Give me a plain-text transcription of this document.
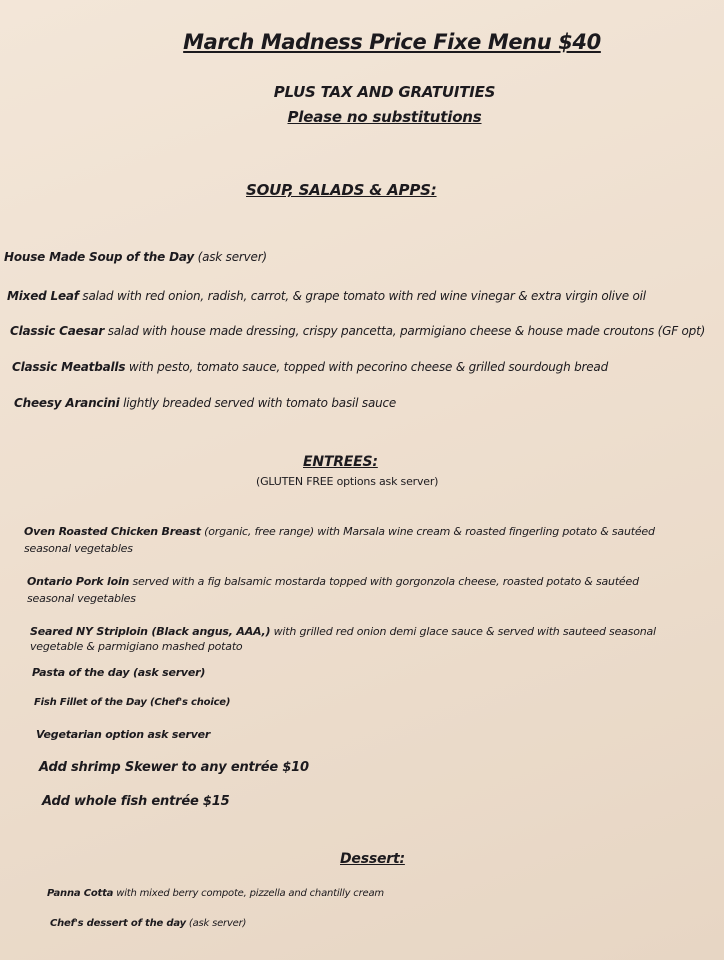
March Madness Price Fixe Menu $40
PLUS TAX AND GRATUITIES
Please no substitutions
SOUP, SALADS & APPS:
House Made Soup of the Day (ask server)
Mixed Leaf salad with red onion, radish, carrot, & grape tomato with red wine vinegar & extra virgin olive oil
Classic Caesar salad with house made dressing, crispy pancetta, parmigiano cheese & house made croutons (GF opt)
Classic Meatballs with pesto, tomato sauce, topped with pecorino cheese & grilled sourdough bread
Cheesy Arancini lightly breaded served with tomato basil sauce
ENTREES:
(GLUTEN FREE options ask server)
Oven Roasted Chicken Breast (organic, free range) with Marsala wine cream & roasted fingerling potato & sautéed
seasonal vegetables
Ontario Pork loin served with a fig balsamic mostarda topped with gorgonzola cheese, roasted potato & sautéed
seasonal vegetables
Seared NY Striploin (Black angus, AAA,) with grilled red onion demi glace sauce & served with sauteed seasonal
vegetable & parmigiano mashed potato
Pasta of the day (ask server)
Fish Fillet of the Day (Chef's choice)
Vegetarian option ask server
Add shrimp Skewer to any entrée $10
Add whole fish entrée $15
Dessert:
Panna Cotta with mixed berry compote, pizzella and chantilly cream
Chef's dessert of the day (ask server)
